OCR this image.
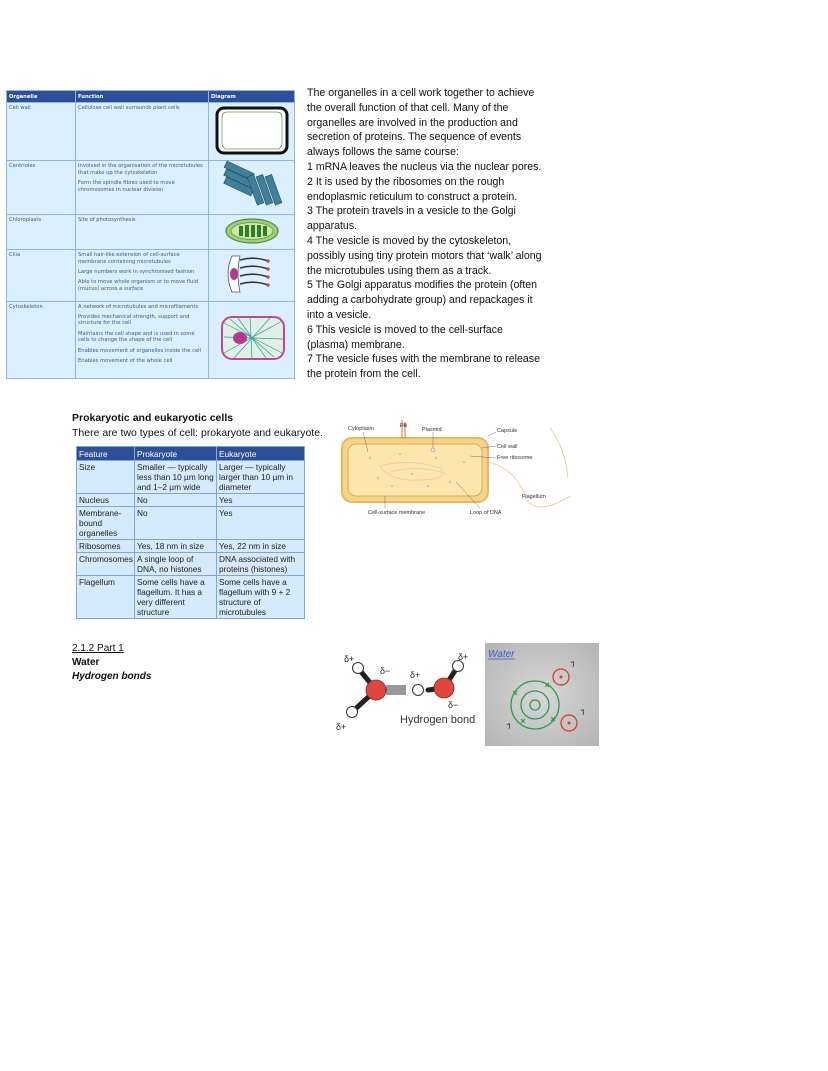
Organelle	Function	Diagram
Cell wall	Cellulose cell wall surrounds plant cells

Centrioles	Involved in the organisation of the microtubules that make up the cytoskeleton

Form the spindle fibres used to move chromosomes in nuclear division

Chloroplasts	Site of photosynthesis

Cilia	Small hair-like extension of cell-surface membrane containing microtubules

Large numbers work in synchronised fashion

Able to move whole organism or to move fluid (mucus) across a surface

Cytoskeleton	A network of microtubules and microfilaments

Provides mechanical strength, support and structure for the cell

Maintains the cell shape and is used in some cells to change the shape of the cell

Enables movement of organelles inside the cell

Enables movement of the whole cell

The organelles in a cell work together to achieve the overall function of that cell. Many of the organelles are involved in the production and secretion of proteins. The sequence of events always follows the same course:

1 mRNA leaves the nucleus via the nuclear pores.

2 It is used by the ribosomes on the rough endoplasmic reticulum to construct a protein.

3 The protein travels in a vesicle to the Golgi apparatus.

4 The vesicle is moved by the cytoskeleton, possibly using tiny protein motors that ‘walk’ along the microtubules using them as a track.

5 The Golgi apparatus modifies the protein (often adding a carbohydrate group) and repackages it into a vesicle.

6 This vesicle is moved to the cell-surface (plasma) membrane.

7 The vesicle fuses with the membrane to release the protein from the cell.

Prokaryotic and eukaryotic cells
There are two types of cell: prokaryote and eukaryote.
Feature	Prokaryote	Eukaryote
Size	Smaller — typically less than 10 µm long and 1–2 µm wide	Larger — typically larger than 10 µm in diameter
Nucleus	No	Yes
Membrane-bound organelles	No	Yes
Ribosomes	Yes, 18 nm in size	Yes, 22 nm in size
Chromosomes	A single loop of DNA, no histones	DNA associated with proteins (histones)
Flagellum	Some cells have a flagellum. It has a very different structure	Some cells have a flagellum with 9 + 2 structure of microtubules
Cytoplasm	Pili
Plasmid	Capsule
Cell wall
Free ribosome
Flagellum
Cell-surface membrane	Loop of DNA
2.1.2 Part 1
Water
Hydrogen bonds
δ+
δ− δ+
δ+
δ−
δ+
Hydrogen bond
Water
